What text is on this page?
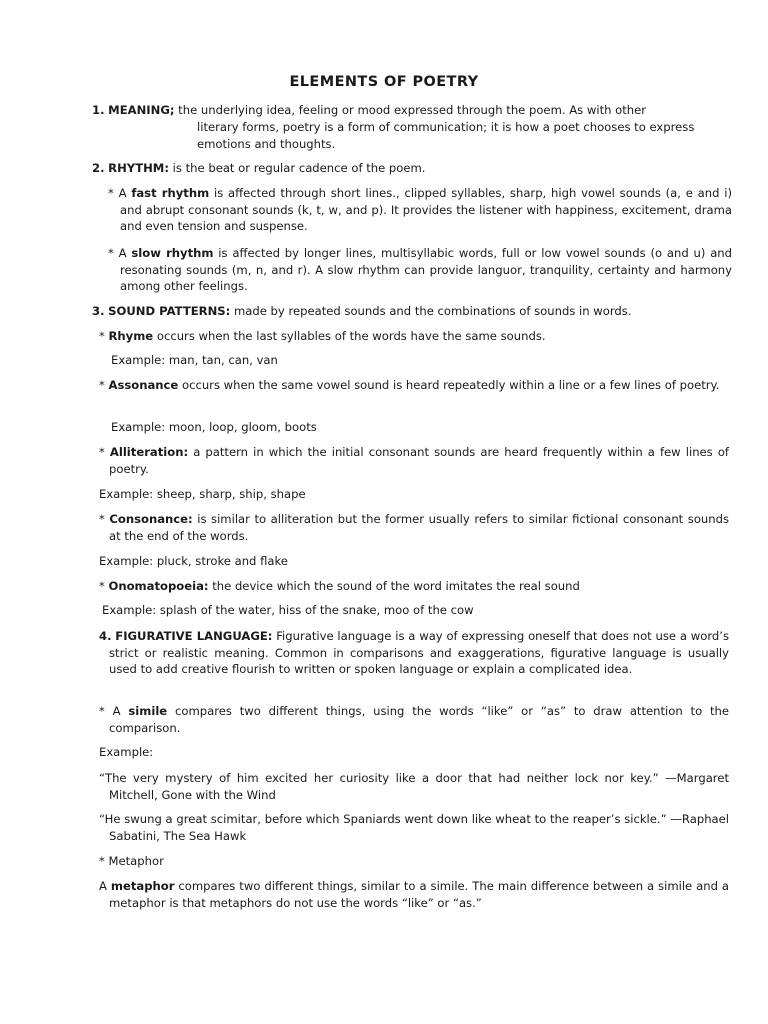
ELEMENTS OF POETRY
1. MEANING; the underlying idea, feeling or mood expressed through the poem. As with other
literary forms, poetry is a form of communication; it is how a poet chooses to express emotions and thoughts.
2. RHYTHM: is the beat or regular cadence of the poem.
* A fast rhythm is affected through short lines., clipped syllables, sharp, high vowel sounds (a, e and i) and abrupt consonant sounds (k, t, w, and p). It provides the listener with happiness, excitement, drama and even tension and suspense.
* A slow rhythm is affected by longer lines, multisyllabic words, full or low vowel sounds (o and u) and resonating sounds (m, n, and r). A slow rhythm can provide languor, tranquility, certainty and harmony among other feelings.
3. SOUND PATTERNS: made by repeated sounds and the combinations of sounds in words.
* Rhyme occurs when the last syllables of the words have the same sounds.
Example: man, tan, can, van
* Assonance occurs when the same vowel sound is heard repeatedly within a line or a few lines of poetry.
Example: moon, loop, gloom, boots
* Alliteration: a pattern in which the initial consonant sounds are heard frequently within a few lines of poetry.
Example: sheep, sharp, ship, shape
* Consonance: is similar to alliteration but the former usually refers to similar fictional consonant sounds at the end of the words.
Example: pluck, stroke and flake
* Onomatopoeia: the device which the sound of the word imitates the real sound
Example: splash of the water, hiss of the snake, moo of the cow
4. FIGURATIVE LANGUAGE: Figurative language is a way of expressing oneself that does not use a word’s strict or realistic meaning. Common in comparisons and exaggerations, figurative language is usually used to add creative flourish to written or spoken language or explain a complicated idea.
* A simile compares two different things, using the words “like” or “as” to draw attention to the comparison.
Example:
“The very mystery of him excited her curiosity like a door that had neither lock nor key.” —Margaret Mitchell, Gone with the Wind
“He swung a great scimitar, before which Spaniards went down like wheat to the reaper’s sickle.” —Raphael Sabatini, The Sea Hawk
* Metaphor
A metaphor compares two different things, similar to a simile. The main difference between a simile and a metaphor is that metaphors do not use the words “like” or “as.”
